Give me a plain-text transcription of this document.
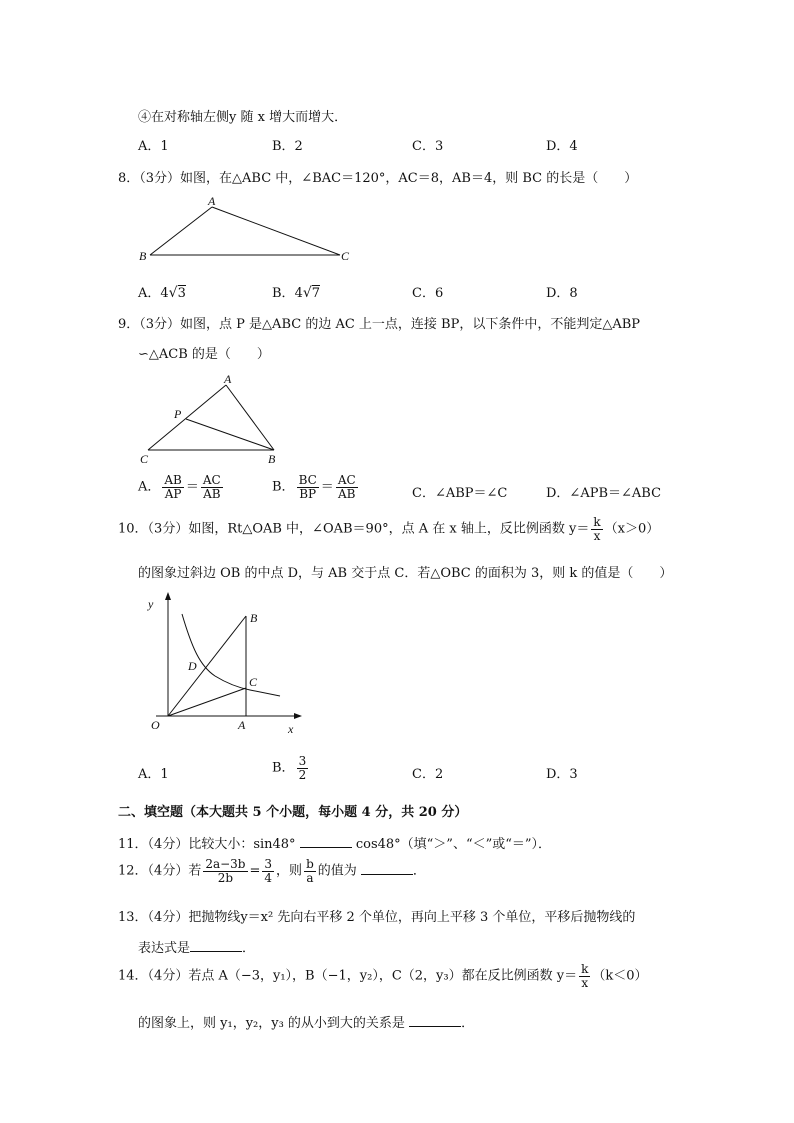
④在对称轴左侧y 随 x 增大而增大．
A．1	B．2	C．3	D．4
8．（3分）如图，在△ABC 中，∠BAC＝120°，AC＝8，AB＝4，则 BC 的长是（　　）
A
B	C
A．4√3	B．4√7	C．6	D．8
9．（3分）如图，点 P 是△ABC 的边 AC 上一点，连接 BP，以下条件中，不能判定△ABP
∽△ACB 的是（　　）
A
P
C	B
A． $\frac{AB}{AP} = \frac{AC}{AB}$	B． $\frac{BC}{BP} = \frac{AC}{AB}$	C．∠ABP＝∠C	D．∠APB＝∠ABC
10．（3分）如图，Rt△OAB 中，∠OAB＝90°，点 A 在 x 轴上，反比例函数 $y= \frac{k}{x} (x>0)$
的图象过斜边 OB 的中点 D，与 AB 交于点 C．若△OBC 的面积为 3，则 k 的值是（　　）
y
B
D
C
O	A	x
A．1	B． $\frac{3}{2}$	C．2	D．3
二、填空题（本大题共 5 个小题，每小题 4 分，共 20 分）
11．（4分）比较大小：sin48°	cos48°（填“＞”、“＜”或“＝”）．
12．（4分）若 $\frac{2a-3b}{2b} = \frac{3}{4}$ ，则 $\frac{b}{a}$ 的值为	．
13．（4分）把抛物线y＝x² 先向右平移 2 个单位，再向上平移 3 个单位，平移后抛物线的
表达式是	．
14．（4分）若点 A（−3，y₁），B（−1，y₂），C（2，y₃）都在反比例函数 $y= \frac{k}{x} (k<0)$
的图象上，则 y₁，y₂，y₃ 的从小到大的关系是	．
